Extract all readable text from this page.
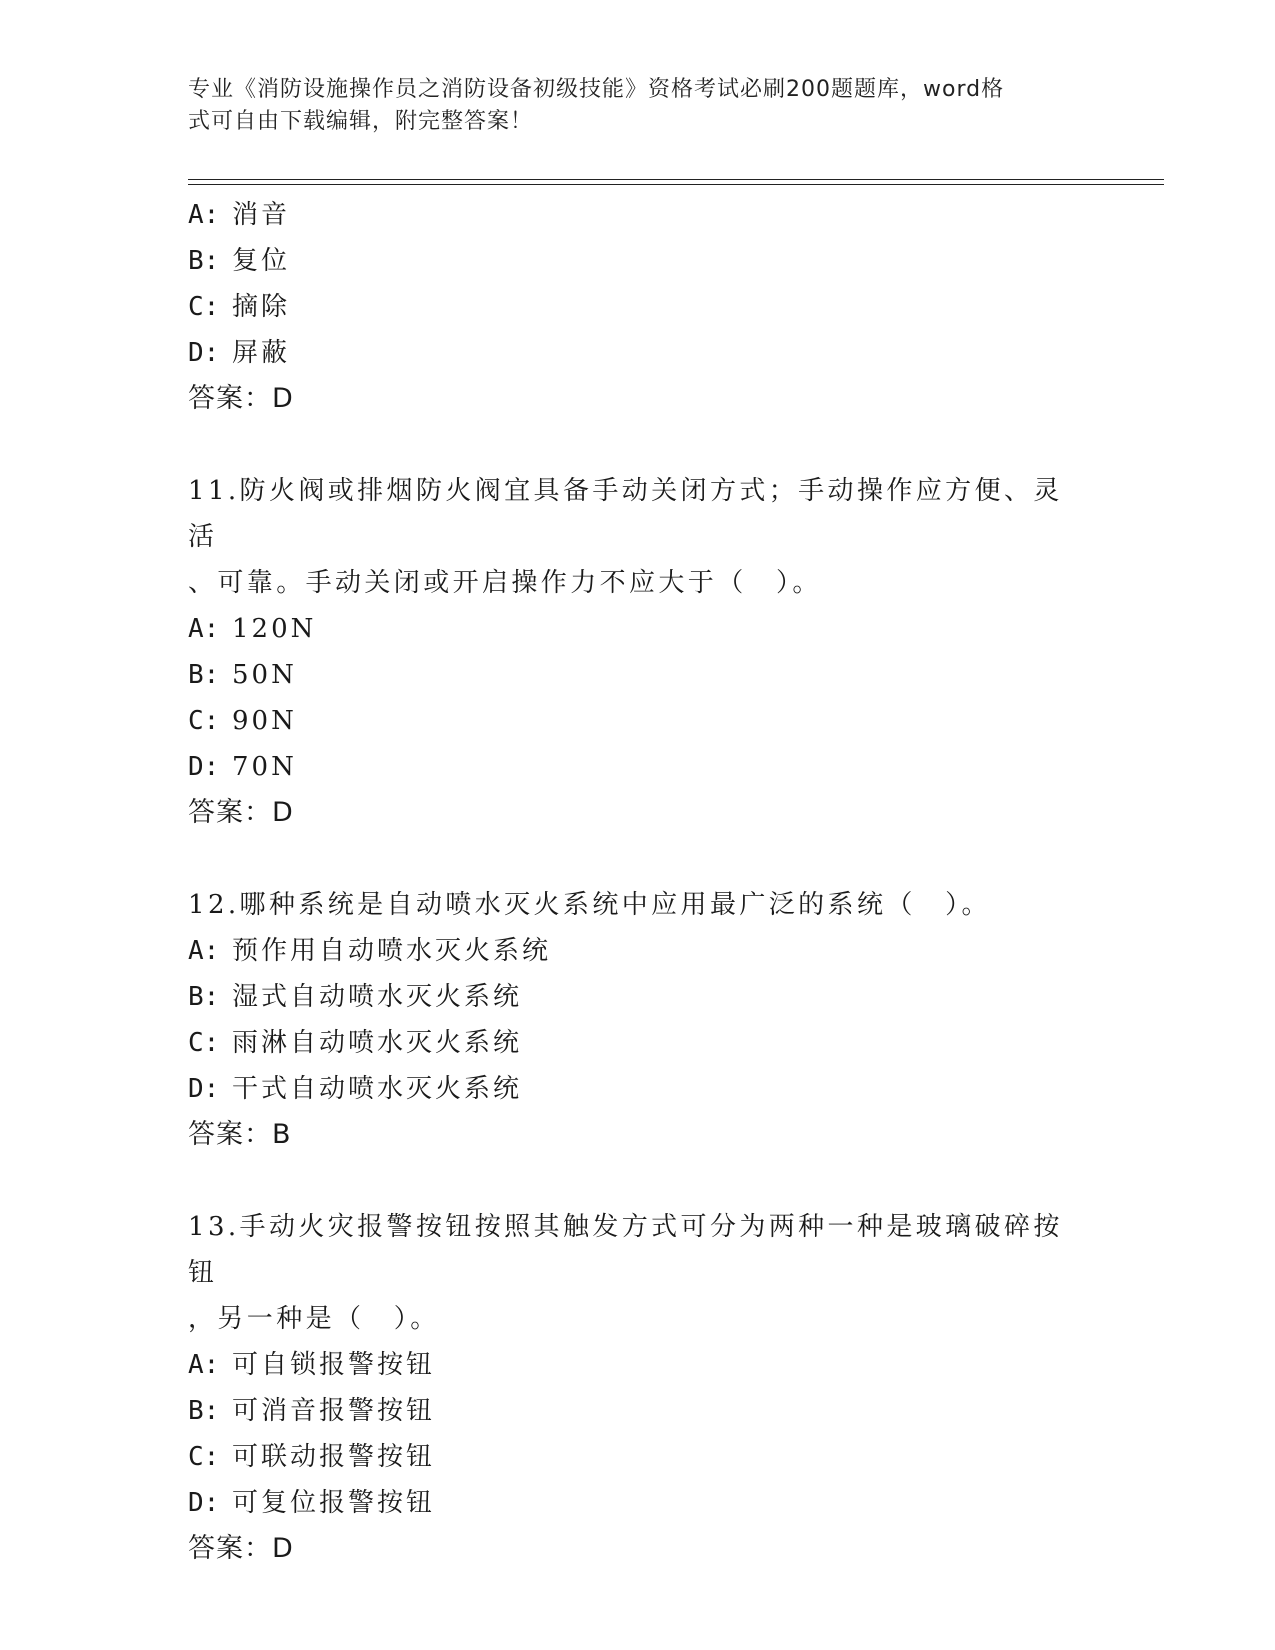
专业《消防设施操作员之消防设备初级技能》资格考试必刷200题题库，word格
式可自由下载编辑，附完整答案！
A: 消音
B: 复位
C: 摘除
D: 屏蔽
答案：D
11.防火阀或排烟防火阀宜具备手动关闭方式；手动操作应方便、灵活
、可靠。手动关闭或开启操作力不应大于（　）。
A: 120N
B: 50N
C: 90N
D: 70N
答案：D
12.哪种系统是自动喷水灭火系统中应用最广泛的系统（　）。
A: 预作用自动喷水灭火系统
B: 湿式自动喷水灭火系统
C: 雨淋自动喷水灭火系统
D: 干式自动喷水灭火系统
答案：B
13.手动火灾报警按钮按照其触发方式可分为两种一种是玻璃破碎按钮
，另一种是（　）。
A: 可自锁报警按钮
B: 可消音报警按钮
C: 可联动报警按钮
D: 可复位报警按钮
答案：D
